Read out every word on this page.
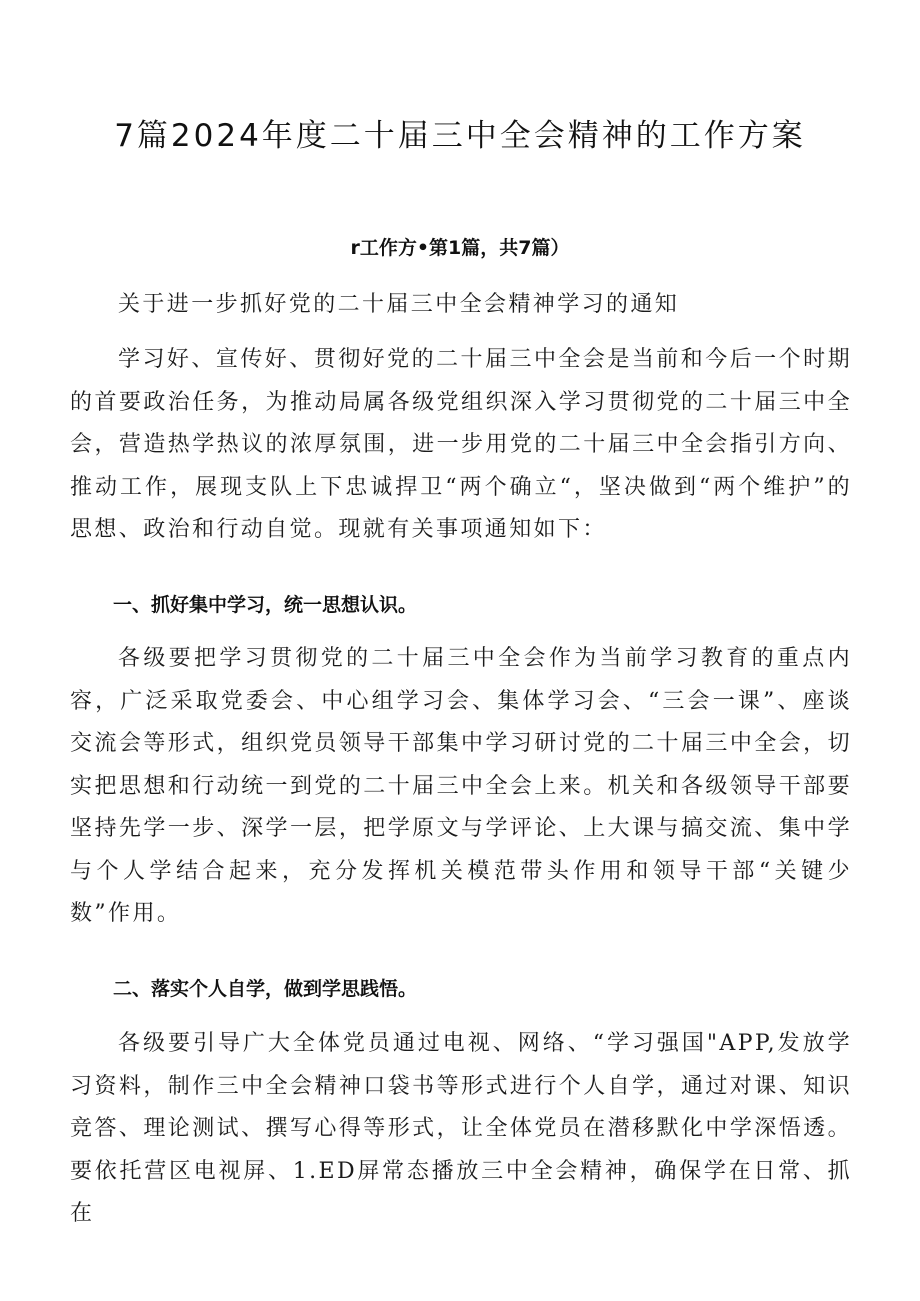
7篇2024年度二十届三中全会精神的工作方案
r工作方•第1篇，共7篇）

关于进一步抓好党的二十届三中全会精神学习的通知

学习好、宣传好、贯彻好党的二十届三中全会是当前和今后一个时期的首要政治任务，为推动局属各级党组织深入学习贯彻党的二十届三中全会，营造热学热议的浓厚氛围，进一步用党的二十届三中全会指引方向、推动工作，展现支队上下忠诚捍卫“两个确立“，坚决做到“两个维护”的思想、政治和行动自觉。现就有关事项通知如下：

一、抓好集中学习，统一思想认识。

各级要把学习贯彻党的二十届三中全会作为当前学习教育的重点内容，广泛采取党委会、中心组学习会、集体学习会、“三会一课”、座谈交流会等形式，组织党员领导干部集中学习研讨党的二十届三中全会，切实把思想和行动统一到党的二十届三中全会上来。机关和各级领导干部要坚持先学一步、深学一层，把学原文与学评论、上大课与搞交流、集中学与个人学结合起来，充分发挥机关模范带头作用和领导干部“关键少数”作用。

二、落实个人自学，做到学思践悟。

各级要引导广大全体党员通过电视、网络、“学习强国"APP,发放学习资料，制作三中全会精神口袋书等形式进行个人自学，通过对课、知识竞答、理论测试、撰写心得等形式，让全体党员在潜移默化中学深悟透。要依托营区电视屏、1.ED屏常态播放三中全会精神，确保学在日常、抓在
